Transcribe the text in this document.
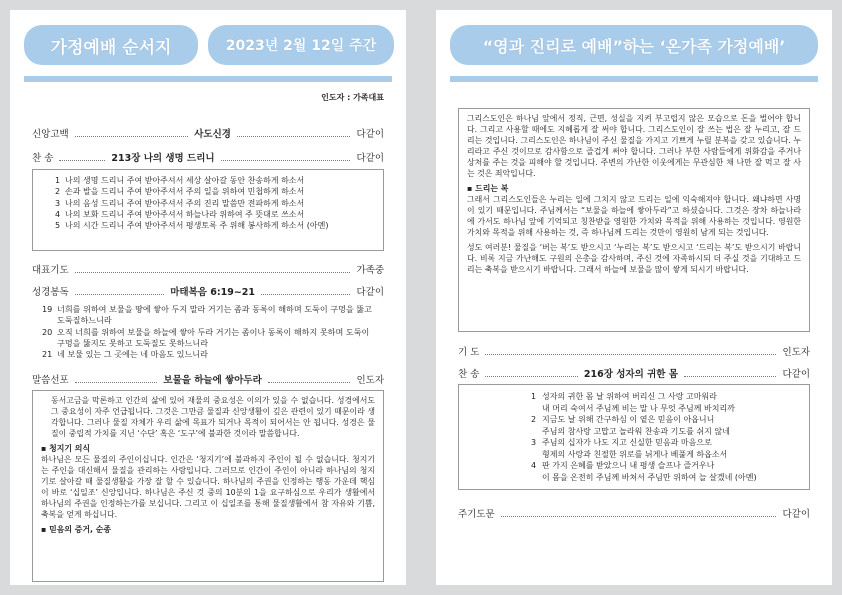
가정예배 순서지	2023년 2월 12일 주간
인도자 : 가족대표
신앙고백	사도신경	다같이
찬 송	213장 나의 생명 드리니	다같이
1 나의 생명 드리니 주여 받아주셔서 세상 살아갈 동안 찬송하게 하소서
2 손과 발을 드리니 주여 받아주셔서 주의 일을 위하여 민첩하게 하소서
3 나의 음성 드리니 주여 받아주셔서 주의 진리 말씀만 전파하게 하소서
4 나의 보화 드리니 주여 받아주셔서 하늘나라 위하여 주 뜻대로 쓰소서
5 나의 시간 드리니 주여 받아주셔서 평생토록 주 위해 봉사하게 하소서 (아멘)
대표기도	가족중
성경봉독	마태복음 6:19~21	다같이
19 너희를 위하여 보물을 땅에 쌓아 두지 말라 거기는 좀과 동록이 해하며 도둑이 구멍을 뚫고 도둑질하느니라
20 오직 너희를 위하여 보물을 하늘에 쌓아 두라 거기는 좀이나 동록이 해하지 못하며 도둑이 구멍을 뚫지도 못하고 도둑질도 못하느니라
21 네 보물 있는 그 곳에는 네 마음도 있느니라
말씀선포	보물을 하늘에 쌓아두라	인도자

동서고금을 막론하고 인간의 삶에 있어 재물의 중요성은 이의가 있을 수 없습니다. 성경에서도 그 중요성이 자주 언급됩니다. 그것은 그만큼 물질과 신앙생활이 깊은 관련이 있기 때문이라 생각합니다. 그러나 물질 자체가 우리 삶에 목표가 되거나 목적이 되어서는 안 됩니다. 성경은 물질이 중립적 가치를 지닌 ‘수단’ 혹은 ‘도구’에 불과한 것이라 말씀합니다.

▪ 청지기 의식

하나님은 모든 물질의 주인이십니다. 인간은 ‘청지기’에 불과하지 주인이 될 수 없습니다. 청지기는 주인을 대신해서 물질을 관리하는 사람입니다. 그러므로 인간이 주인이 아니라 하나님의 청지기로 살아갈 때 물질생활을 가장 잘 할 수 있습니다. 하나님의 주권을 인정하는 행동 가운데 핵심이 바로 ‘십일조’ 신앙입니다. 하나님은 주신 것 중의 10분의 1을 요구하심으로 우리가 생활에서 하나님의 주권을 인정하는가를 보십니다. 그리고 이 십일조를 통해 물질생활에서 참 자유와 기쁨, 축복을 얻게 하십니다.

▪ 믿음의 증거, 순종
“영과 진리로 예배”하는 ‘온가족 가정예배’

그리스도인은 하나님 앞에서 정직, 근면, 성실을 지켜 부고럽지 않은 모습으로 돈을 벌어야 합니다. 그리고 사용할 때에도 지혜롭게 잘 써야 합니다. 그리스도인이 잘 쓰는 법은 잘 누리고, 잘 드리는 것입니다. 그리스도인은 하나님이 주신 물질을 가지고 기쁘게 누릴 분복을 갖고 있습니다. 누리라고 주신 것이므로 감사함으로 즐겁게 써야 합니다. 그러나 부한 사람들에게 위화감을 주거나 상처를 주는 것을 피해야 할 것입니다. 주변의 가난한 이웃에게는 무관심한 채 나만 잘 먹고 잘 사는 것은 죄악입니다.

▪ 드리는 복

그래서 그리스도인들은 누리는 일에 그치지 않고 드리는 일에 익숙해져야 합니다. 왜냐하면 사명이 있기 때문입니다. 주님께서는 “보물을 하늘에 쌓아두라”고 하셨습니다. 그것은 장차 하늘나라에 가서도 하나님 앞에 기억되고 칭찬받을 영원한 가치와 목적을 위해 사용하는 것입니다. 영원한 가치와 목적을 위해 사용하는 것, 즉 하나님께 드리는 것만이 영원히 남게 되는 것입니다.

성도 여러분! 물질을 ‘버는 복’도 받으시고 ‘누리는 복’도 받으시고 ‘드리는 복’도 받으시기 바랍니다. 비록 지금 가난해도 구원의 은총을 감사하며, 주신 것에 자족하시되 더 주실 것을 기대하고 드리는 축복을 받으시기 바랍니다. 그래서 하늘에 보물을 많이 쌓게 되시기 바랍니다.

기 도	인도자
찬 송	216장 성자의 귀한 몸	다같이
1 성자의 귀한 몸 날 위하여 버리신 그 사랑 고마워라
내 머리 숙여서 주님께 비는 말 나 무엇 주님께 바치리까
2 지금도 날 위해 간구하심 이 옅은 믿음이 아옵니니
주님의 참사랑 고맙고 놀라워 찬송과 기도를 쉬지 않네
3 주님의 십자가 나도 지고 신실한 믿음과 마음으로
형제의 사랑과 친절한 위로를 뉘게나 베풀게 하옵소서
4 판 가지 은혜를 받았으니 내 평생 슬프나 즐거우나
이 몸을 온전히 주님께 바쳐서 주님만 위하여 늘 살겠네 (아멘)
주기도문	다같이
